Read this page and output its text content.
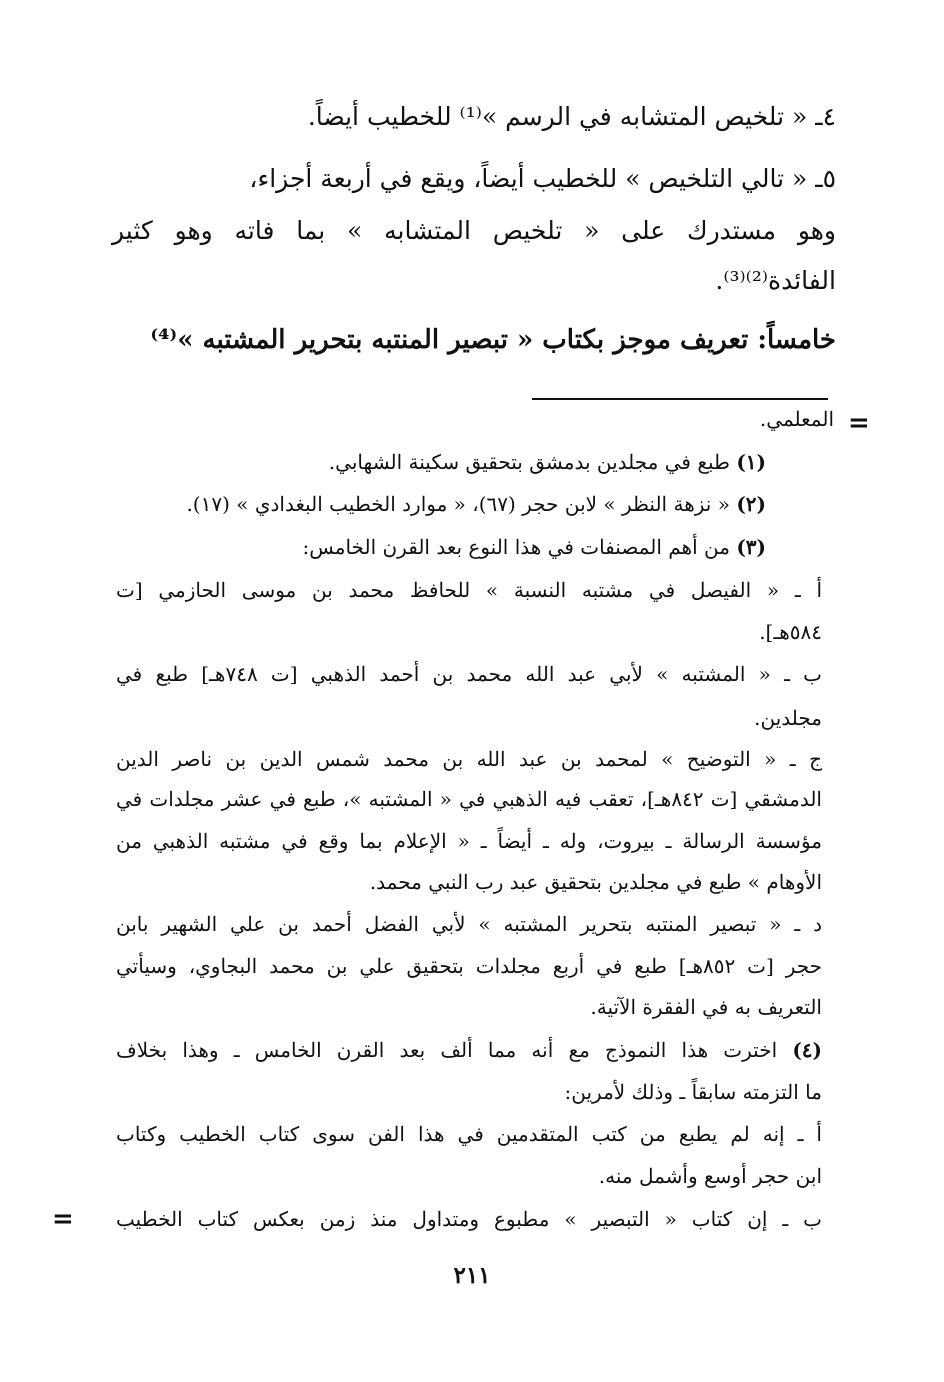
٤ـ « تلخيص المتشابه في الرسم »⁽¹⁾ للخطيب أيضاً.

٥ـ « تالي التلخيص » للخطيب أيضاً، ويقع في أربعة أجزاء،

وهو مستدرك على « تلخيص المتشابه » بما فاته وهو كثير

الفائدة⁽²⁾⁽³⁾.

خامساً: تعريف موجز بكتاب « تبصير المنتبه بتحرير المشتبه »⁽⁴⁾

=

المعلمي.

(١) طبع في مجلدين بدمشق بتحقيق سكينة الشهابي.
(٢) « نزهة النظر » لابن حجر (٦٧)، « موارد الخطيب البغدادي » (١٧).
(٣) من أهم المصنفات في هذا النوع بعد القرن الخامس:

أ ـ « الفيصل في مشتبه النسبة » للحافظ محمد بن موسى الحازمي [ت

٥٨٤هـ].

ب ـ « المشتبه » لأبي عبد الله محمد بن أحمد الذهبي [ت ٧٤٨هـ] طبع في

مجلدين.

ج ـ « التوضيح » لمحمد بن عبد الله بن محمد شمس الدين بن ناصر الدين

الدمشقي [ت ٨٤٢هـ]، تعقب فيه الذهبي في « المشتبه »، طبع في عشر مجلدات في

مؤسسة الرسالة ـ بيروت، وله ـ أيضاً ـ « الإعلام بما وقع في مشتبه الذهبي من

الأوهام » طبع في مجلدين بتحقيق عبد رب النبي محمد.

د ـ « تبصير المنتبه بتحرير المشتبه » لأبي الفضل أحمد بن علي الشهير بابن

حجر [ت ٨٥٢هـ] طبع في أربع مجلدات بتحقيق علي بن محمد البجاوي، وسيأتي

التعريف به في الفقرة الآتية.

(٤) اخترت هذا النموذج مع أنه مما ألف بعد القرن الخامس ـ وهذا بخلاف

ما التزمته سابقاً ـ وذلك لأمرين:

أ ـ إنه لم يطبع من كتب المتقدمين في هذا الفن سوى كتاب الخطيب وكتاب

ابن حجر أوسع وأشمل منه.

ب ـ إن كتاب « التبصير » مطبوع ومتداول منذ زمن بعكس كتاب الخطيب

=
٢١١
